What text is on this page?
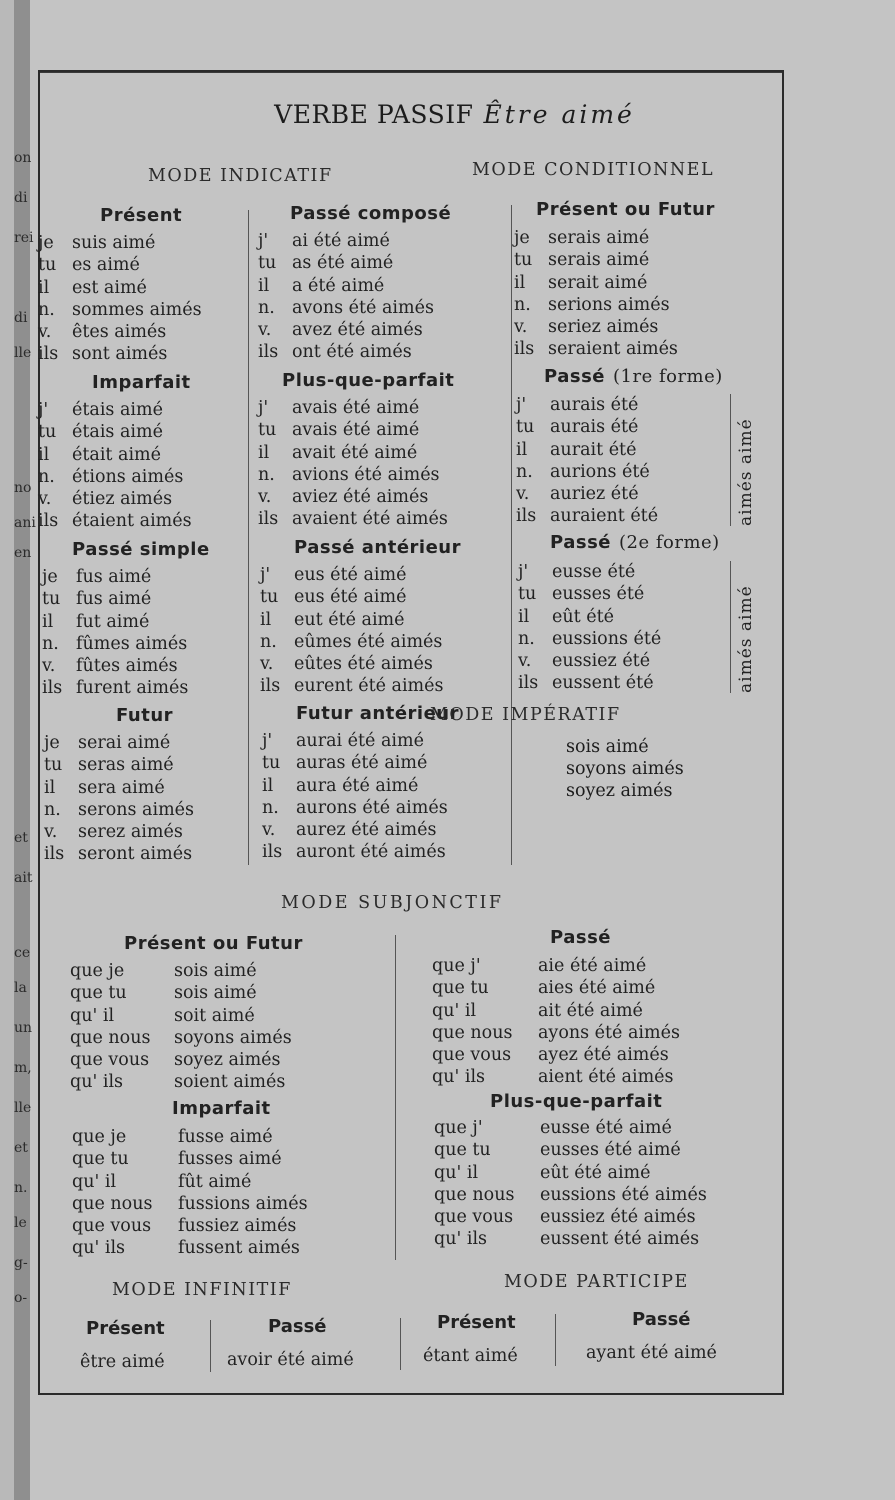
on
di
rei
di
lle
no
ani
en
et
ait
ce
la
un
m,
lle
et
n.
le
g-
o-
VERBE PASSIF Être aimé
MODE INDICATIF	MODE CONDITIONNEL
Présent
je suis aimé
tu es aimé
il est aimé
n. sommes aimés
v. êtes aimés
ils sont aimés
Imparfait
j' étais aimé
tu étais aimé
il était aimé
n. étions aimés
v. étiez aimés
ils étaient aimés
Passé simple
je fus aimé
tu fus aimé
il fut aimé
n. fûmes aimés
v. fûtes aimés
ils furent aimés
Futur
je serai aimé
tu seras aimé
il sera aimé
n. serons aimés
v. serez aimés
ils seront aimés
Passé composé
j' ai été aimé
tu as été aimé
il a été aimé
n. avons été aimés
v. avez été aimés
ils ont été aimés
Plus-que-parfait
j' avais été aimé
tu avais été aimé
il avait été aimé
n. avions été aimés
v. aviez été aimés
ils avaient été aimés
Passé antérieur
j' eus été aimé
tu eus été aimé
il eut été aimé
n. eûmes été aimés
v. eûtes été aimés
ils eurent été aimés
Futur antérieur
j' aurai été aimé
tu auras été aimé
il aura été aimé
n. aurons été aimés
v. aurez été aimés
ils auront été aimés
Présent ou Futur
je serais aimé
tu serais aimé
il serait aimé
n. serions aimés
v. seriez aimés
ils seraient aimés
Passé (1re forme)
j' aurais été
tu aurais été
il aurait été
n. aurions été
v. auriez été
ils auraient été	aimés aimé
Passé (2e forme)
j' eusse été
tu eusses été
il eût été
n. eussions été
v. eussiez été
ils eussent été	aimés aimé
Présent ou Futur
que je	sois aimé
que tu	sois aimé
qu' il	soit aimé
que nous soyons aimés
que vous soyez aimés
qu' ils	soient aimés
Imparfait
que je	fusse aimé
que tu	fusses aimé
qu' il	fût aimé
que nous fussions aimés
que vous fussiez aimés
qu' ils	fussent aimés
Passé
que j'	aie été aimé
que tu	aies été aimé
qu' il	ait été aimé
que nous ayons été aimés
que vous ayez été aimés
qu' ils	aient été aimés
Plus-que-parfait
que j'	eusse été aimé
que tu	eusses été aimé
qu' il	eût été aimé
que nous eussions été aimés
que vous eussiez été aimés
qu' ils	eussent été aimés
MODE IMPÉRATIF
sois aimé
soyons aimés
soyez aimés
MODE SUBJONCTIF
MODE INFINITIF	MODE PARTICIPE
Présent
être aimé
Passé
avoir été aimé
Présent
étant aimé
Passé
ayant été aimé
